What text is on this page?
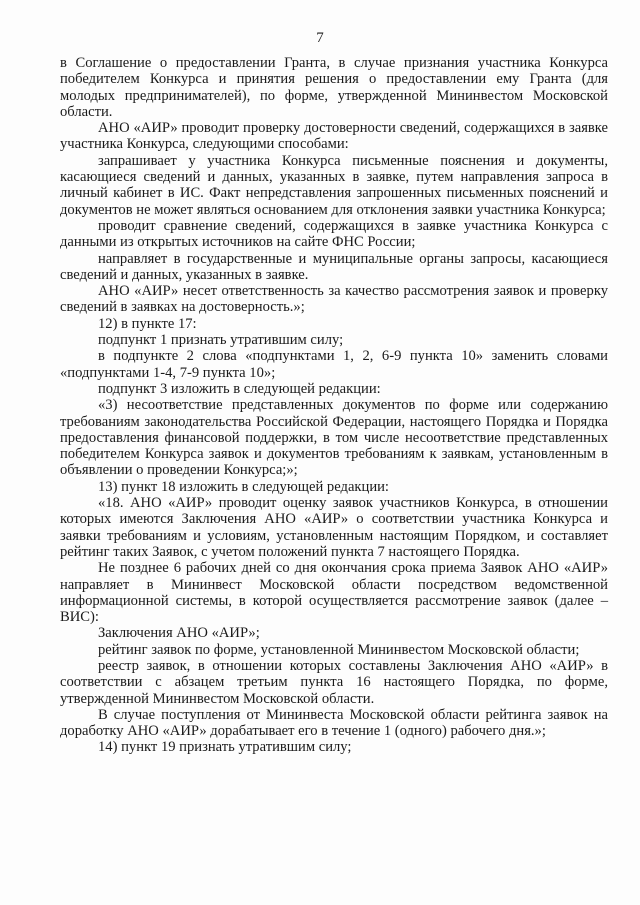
7

в Соглашение о предоставлении Гранта, в случае признания участника Конкурса победителем Конкурса и принятия решения о предоставлении ему Гранта (для молодых предпринимателей), по форме, утвержденной Мининвестом Московской области.

АНО «АИР» проводит проверку достоверности сведений, содержащихся в заявке участника Конкурса, следующими способами:

запрашивает у участника Конкурса письменные пояснения и документы, касающиеся сведений и данных, указанных в заявке, путем направления запроса в личный кабинет в ИС. Факт непредставления запрошенных письменных пояснений и документов не может являться основанием для отклонения заявки участника Конкурса;

проводит сравнение сведений, содержащихся в заявке участника Конкурса с данными из открытых источников на сайте ФНС России;

направляет в государственные и муниципальные органы запросы, касающиеся сведений и данных, указанных в заявке.

АНО «АИР» несет ответственность за качество рассмотрения заявок и проверку сведений в заявках на достоверность.»;

12) в пункте 17:

подпункт 1 признать утратившим силу;

в подпункте 2 слова «подпунктами 1, 2, 6-9 пункта 10» заменить словами «подпунктами 1-4, 7-9 пункта 10»;

подпункт 3 изложить в следующей редакции:

«3) несоответствие представленных документов по форме или содержанию требованиям законодательства Российской Федерации, настоящего Порядка и Порядка предоставления финансовой поддержки, в том числе несоответствие представленных победителем Конкурса заявок и документов требованиям к заявкам, установленным в объявлении о проведении Конкурса;»;

13) пункт 18 изложить в следующей редакции:

«18. АНО «АИР» проводит оценку заявок участников Конкурса, в отношении которых имеются Заключения АНО «АИР» о соответствии участника Конкурса и заявки требованиям и условиям, установленным настоящим Порядком, и составляет рейтинг таких Заявок, с учетом положений пункта 7 настоящего Порядка.

Не позднее 6 рабочих дней со дня окончания срока приема Заявок АНО «АИР» направляет в Мининвест Московской области посредством ведомственной информационной системы, в которой осуществляется рассмотрение заявок (далее – ВИС):

Заключения АНО «АИР»;

рейтинг заявок по форме, установленной Мининвестом Московской области;

реестр заявок, в отношении которых составлены Заключения АНО «АИР» в соответствии с абзацем третьим пункта 16 настоящего Порядка, по форме, утвержденной Мининвестом Московской области.

В случае поступления от Мининвеста Московской области рейтинга заявок на доработку АНО «АИР» дорабатывает его в течение 1 (одного) рабочего дня.»;

14) пункт 19 признать утратившим силу;
